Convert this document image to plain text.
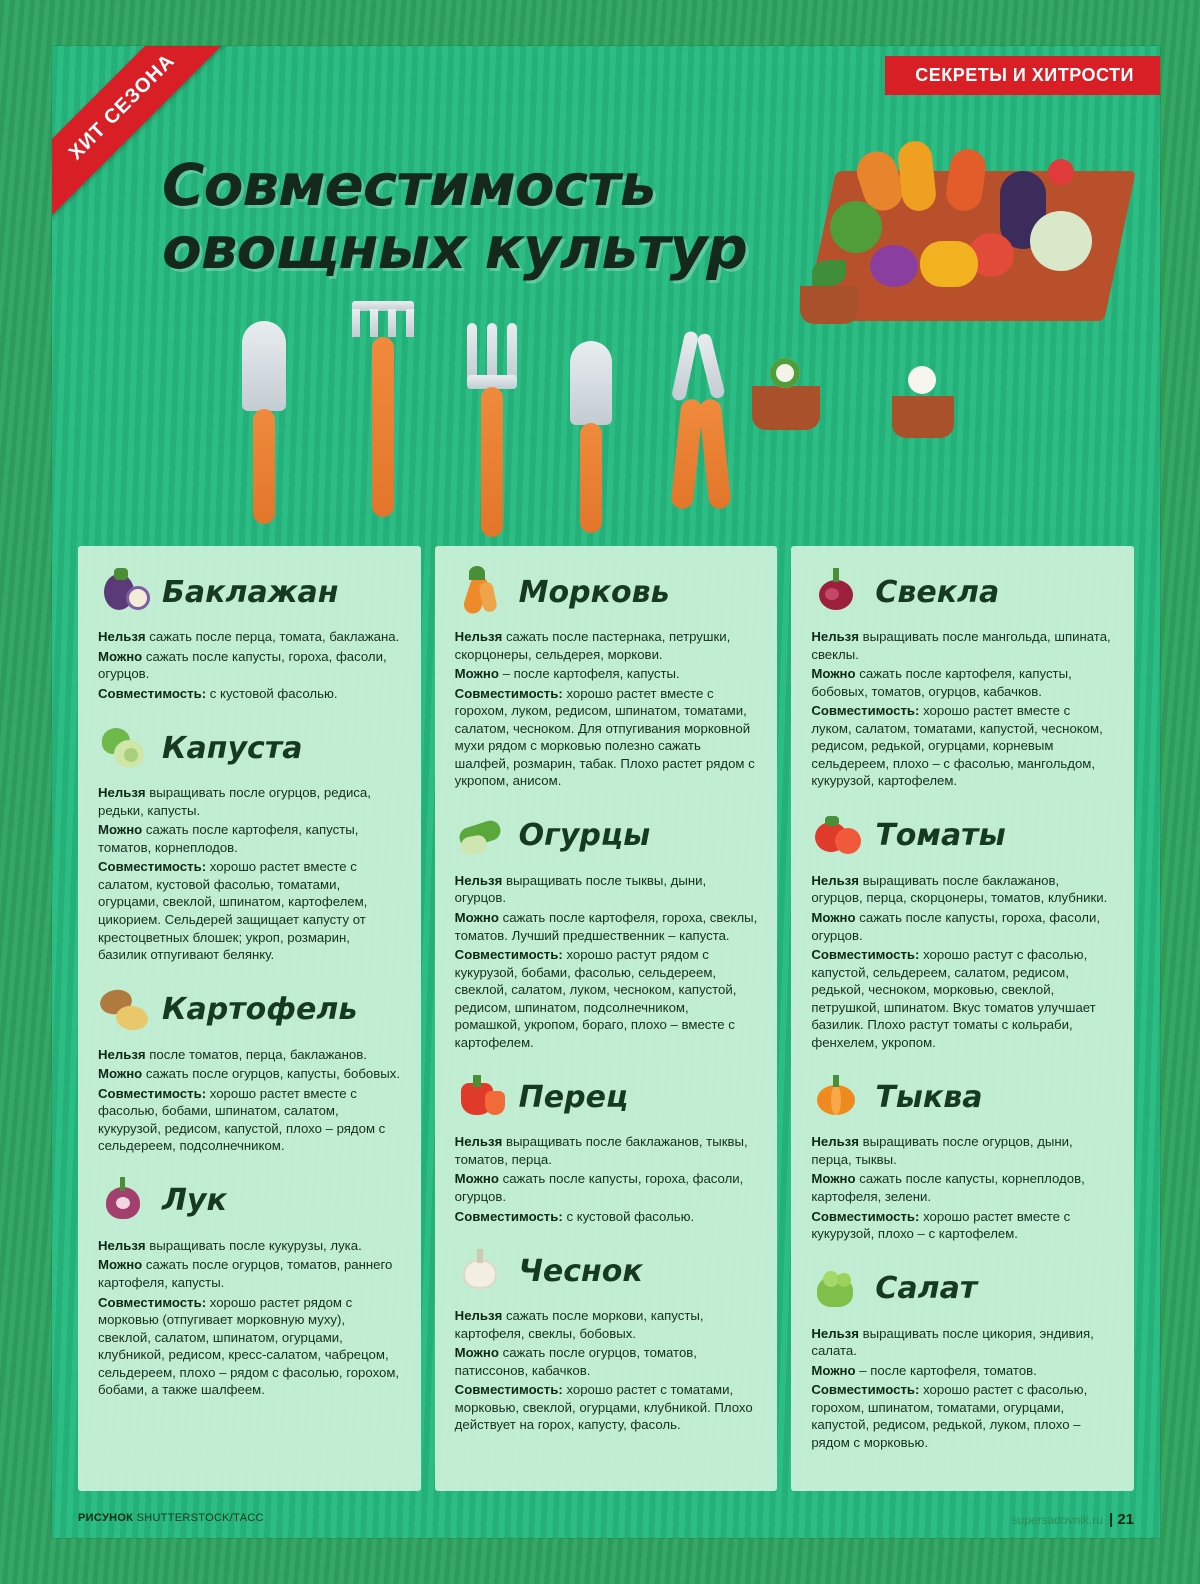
ХИТ СЕЗОНА	СЕКРЕТЫ И ХИТРОСТИ
Совместимость овощных культур
Баклажан
Нельзя сажать после перца, томата, баклажана.
Можно сажать после капусты, гороха, фасоли, огурцов.
Совместимость: с кустовой фасолью.
Капуста
Нельзя выращивать после огурцов, редиса, редьки, капусты.
Можно сажать после картофеля, капусты, томатов, корнеплодов.
Совместимость: хорошо растет вместе с салатом, кустовой фасолью, томатами, огурцами, свеклой, шпинатом, картофелем, цикорием. Сельдерей защищает капусту от крестоцветных блошек; укроп, розмарин, базилик отпугивают белянку.
Картофель
Нельзя после томатов, перца, баклажанов.
Можно сажать после огурцов, капусты, бобовых.
Совместимость: хорошо растет вместе с фасолью, бобами, шпинатом, салатом, кукурузой, редисом, капустой, плохо – рядом с сельдереем, подсолнечником.
Лук
Нельзя выращивать после кукурузы, лука.
Можно сажать после огурцов, томатов, раннего картофеля, капусты.
Совместимость: хорошо растет рядом с морковью (отпугивает морковную муху), свеклой, салатом, шпинатом, огурцами, клубникой, редисом, кресс-салатом, чабрецом, сельдереем, плохо – рядом с фасолью, горохом, бобами, а также шалфеем.
Морковь
Нельзя сажать после пастернака, петрушки, скорцонеры, сельдерея, моркови.
Можно – после картофеля, капусты.
Совместимость: хорошо растет вместе с горохом, луком, редисом, шпинатом, томатами, салатом, чесноком. Для отпугивания морковной мухи рядом с морковью полезно сажать шалфей, розмарин, табак. Плохо растет рядом с укропом, анисом.
Огурцы
Нельзя выращивать после тыквы, дыни, огурцов.
Можно сажать после картофеля, гороха, свеклы, томатов. Лучший предшественник – капуста.
Совместимость: хорошо растут рядом с кукурузой, бобами, фасолью, сельдереем, свеклой, салатом, луком, чесноком, капустой, редисом, шпинатом, подсолнечником, ромашкой, укропом, бораго, плохо – вместе с картофелем.
Перец
Нельзя выращивать после баклажанов, тыквы, томатов, перца.
Можно сажать после капусты, гороха, фасоли, огурцов.
Совместимость: с кустовой фасолью.
Чеснок
Нельзя сажать после моркови, капусты, картофеля, свеклы, бобовых.
Можно сажать после огурцов, томатов, патиссонов, кабачков.
Совместимость: хорошо растет с томатами, морковью, свеклой, огурцами, клубникой. Плохо действует на горох, капусту, фасоль.
Свекла
Нельзя выращивать после мангольда, шпината, свеклы.
Можно сажать после картофеля, капусты, бобовых, томатов, огурцов, кабачков.
Совместимость: хорошо растет вместе с луком, салатом, томатами, капустой, чесноком, редисом, редькой, огурцами, корневым сельдереем, плохо – с фасолью, мангольдом, кукурузой, картофелем.
Томаты
Нельзя выращивать после баклажанов, огурцов, перца, скорцонеры, томатов, клубники.
Можно сажать после капусты, гороха, фасоли, огурцов.
Совместимость: хорошо растут с фасолью, капустой, сельдереем, салатом, редисом, редькой, чесноком, морковью, свеклой, петрушкой, шпинатом. Вкус томатов улучшает базилик. Плохо растут томаты с кольраби, фенхелем, укропом.
Тыква
Нельзя выращивать после огурцов, дыни, перца, тыквы.
Можно сажать после капусты, корнеплодов, картофеля, зелени.
Совместимость: хорошо растет вместе с кукурузой, плохо – с картофелем.
Салат
Нельзя выращивать после цикория, эндивия, салата.
Можно – после картофеля, томатов.
Совместимость: хорошо растет с фасолью, горохом, шпинатом, томатами, огурцами, капустой, редисом, редькой, луком, плохо – рядом с морковью.
РИСУНОК SHUTTERSTOCK/ТАСС	supersadovnik.ru | 21
